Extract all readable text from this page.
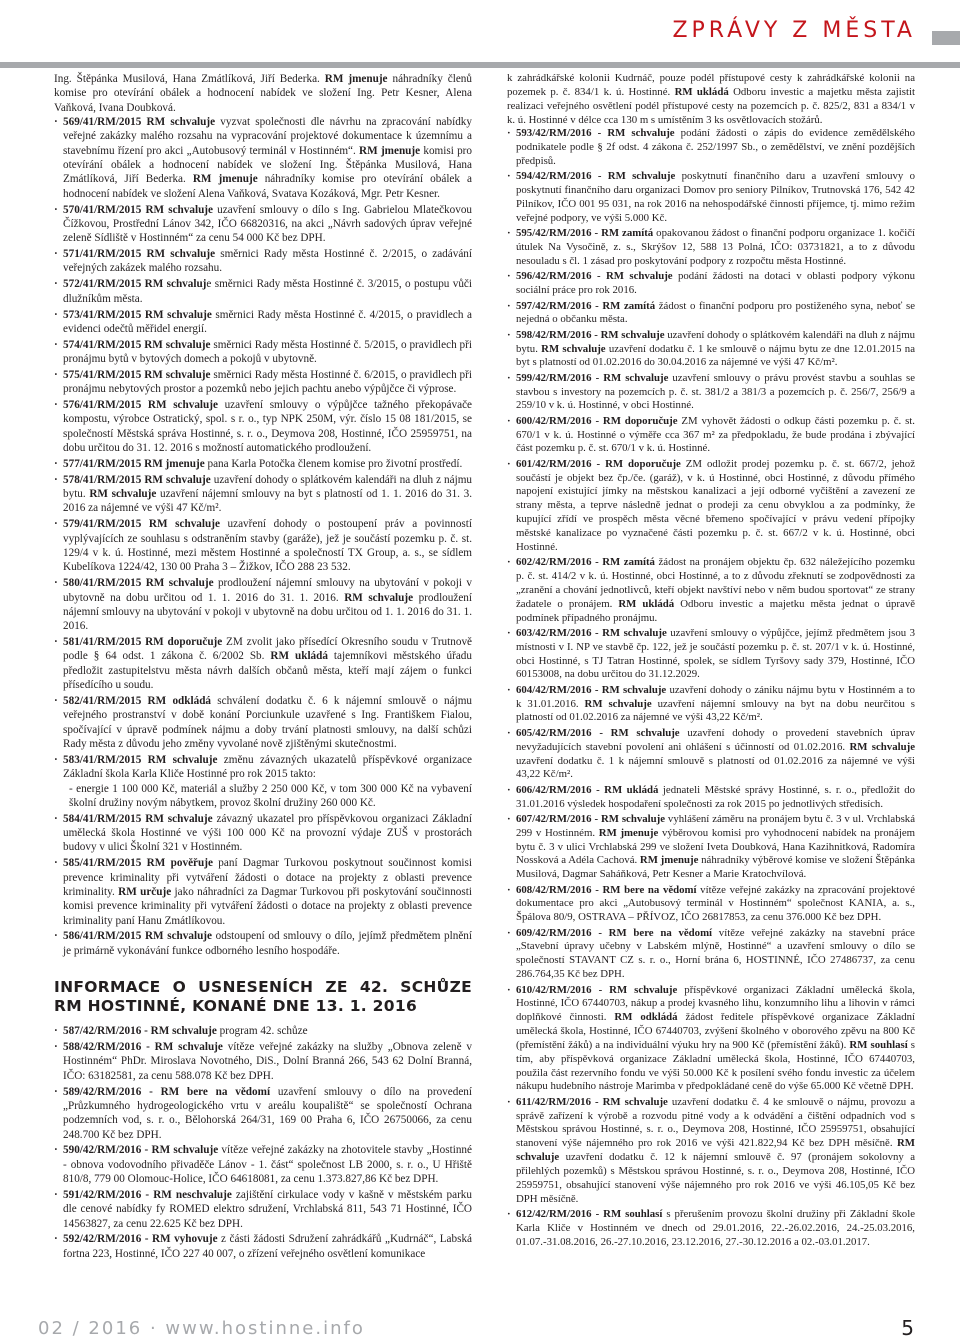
ZPRÁVY Z MĚSTA

Ing. Štěpánka Musilová, Hana Zmátlíková, Jiří Bederka. RM jmenuje náhradníky členů komise pro otevírání obálek a hodnocení nabídek ve složení Ing. Petr Kesner, Alena Vaňková, Ivana Doubková.

· 569/41/RM/2015 RM schvaluje vyzvat společnosti dle návrhu na zpracování nabídky veřejné zakázky malého rozsahu na vypracování projektové dokumentace k územnímu a stavebnímu řízení pro akci „Autobusový terminál v Hostinném“. RM jmenuje komisi pro otevírání obálek a hodnocení nabídek ve složení Ing. Štěpánka Musilová, Hana Zmátlíková, Jiří Bederka. RM jmenuje náhradníky komise pro otevírání obálek a hodnocení nabídek ve složení Alena Vaňková, Svatava Kozáková, Mgr. Petr Kesner.
· 570/41/RM/2015 RM schvaluje uzavření smlouvy o dílo s Ing. Gabrielou Mlatečkovou Čížkovou, Prostřední Lánov 342, IČO 66820316, na akci „Návrh sadových úprav veřejné zeleně Sídliště v Hostinném“ za cenu 54 000 Kč bez DPH.
· 571/41/RM/2015 RM schvaluje směrnici Rady města Hostinné č. 2/2015, o zadávání veřejných zakázek malého rozsahu.
· 572/41/RM/2015 RM schvaluje směrnici Rady města Hostinné č. 3/2015, o postupu vůči dlužníkům města.
· 573/41/RM/2015 RM schvaluje směrnici Rady města Hostinné č. 4/2015, o pravidlech a evidenci odečtů měřidel energií.
· 574/41/RM/2015 RM schvaluje směrnici Rady města Hostinné č. 5/2015, o pravidlech při pronájmu bytů v bytových domech a pokojů v ubytovně.
· 575/41/RM/2015 RM schvaluje směrnici Rady města Hostinné č. 6/2015, o pravidlech při pronájmu nebytových prostor a pozemků nebo jejich pachtu anebo výpůjčce či výprose.
· 576/41/RM/2015 RM schvaluje uzavření smlouvy o výpůjčce tažného překopávače kompostu, výrobce Ostratický, spol. s r. o., typ NPK 250M, výr. číslo 15 08 181/2015, se společností Městská správa Hostinné, s. r. o., Deymova 208, Hostinné, IČO 25959751, na dobu určitou do 31. 12. 2016 s možností automatického prodloužení.
· 577/41/RM/2015 RM jmenuje pana Karla Potočka členem komise pro životní prostředí.
· 578/41/RM/2015 RM schvaluje uzavření dohody o splátkovém kalendáři na dluh z nájmu bytu. RM schvaluje uzavření nájemní smlouvy na byt s platností od 1. 1. 2016 do 31. 3. 2016 za nájemné ve výši 47 Kč/m².
· 579/41/RM/2015 RM schvaluje uzavření dohody o postoupení práv a povinností vyplývajících ze souhlasu s odstraněním stavby (garáže), jež je součástí pozemku p. č. st. 129/4 v k. ú. Hostinné, mezi městem Hostinné a společností TX Group, a. s., se sídlem Kubelíkova 1224/42, 130 00 Praha 3 – Žižkov, IČO 288 23 532.
· 580/41/RM/2015 RM schvaluje prodloužení nájemní smlouvy na ubytování v pokoji v ubytovně na dobu určitou od 1. 1. 2016 do 31. 1. 2016. RM schvaluje prodloužení nájemní smlouvy na ubytování v pokoji v ubytovně na dobu určitou od 1. 1. 2016 do 31. 1. 2016.
· 581/41/RM/2015 RM doporučuje ZM zvolit jako přísedící Okresního soudu v Trutnově podle § 64 odst. 1 zákona č. 6/2002 Sb. RM ukládá tajemníkovi městského úřadu předložit zastupitelstvu města návrh dalších občanů města, kteří mají zájem o funkci přísedícího u soudu.
· 582/41/RM/2015 RM odkládá schválení dodatku č. 6 k nájemní smlouvě o nájmu veřejného prostranství v době konání Porciunkule uzavřené s Ing. Františkem Fialou, spočívající v úpravě podmínek nájmu a doby trvání platnosti smlouvy, na další schůzi Rady města z důvodu jeho změny vyvolané nově zjištěnými skutečnostmi.
· 583/41/RM/2015 RM schvaluje změnu závazných ukazatelů příspěvkové organizace Základní škola Karla Kliče Hostinné pro rok 2015 takto:
- energie 1 100 000 Kč, materiál a služby 2 250 000 Kč, v tom 300 000 Kč na vybavení školní družiny novým nábytkem, provoz školní družiny 260 000 Kč.
· 584/41/RM/2015 RM schvaluje závazný ukazatel pro příspěvkovou organizaci Základní umělecká škola Hostinné ve výši 100 000 Kč na provozní výdaje ZUŠ v prostorách budovy v ulici Školní 321 v Hostinném.
· 585/41/RM/2015 RM pověřuje paní Dagmar Turkovou poskytnout součinnost komisi prevence kriminality při vytváření žádosti o dotace na projekty z oblasti prevence kriminality. RM určuje jako náhradníci za Dagmar Turkovou při poskytování součinnosti komisi prevence kriminality při vytváření žádosti o dotace na projekty z oblasti prevence kriminality paní Hanu Zmátlíkovou.
· 586/41/RM/2015 RM schvaluje odstoupení od smlouvy o dílo, jejímž předmětem plnění je primárně vykonávání funkce odborného lesního hospodáře.
INFORMACE O USNESENÍCH ZE 42. SCHŮZE RM HOSTINNÉ, KONANÉ DNE 13. 1. 2016
· 587/42/RM/2016 - RM schvaluje program 42. schůze
· 588/42/RM/2016 - RM schvaluje vítěze veřejné zakázky na služby „Obnova zeleně v Hostinném“ PhDr. Miroslava Novotného, DiS., Dolní Branná 266, 543 62 Dolní Branná, IČO: 63182581, za cenu 588.078 Kč bez DPH.
· 589/42/RM/2016 - RM bere na vědomí uzavření smlouvy o dílo na provedení „Průzkumného hydrogeologického vrtu v areálu koupaliště“ se společností Ochrana podzemních vod, s. r. o., Bělohorská 264/31, 169 00 Praha 6, IČO 26750066, za cenu 248.700 Kč bez DPH.
· 590/42/RM/2016 - RM schvaluje vítěze veřejné zakázky na zhotovitele stavby „Hostinné - obnova vodovodního přivaděče Lánov - 1. část“ společnost LB 2000, s. r. o., U Hřiště 810/8, 779 00 Olomouc-Holice, IČO 64618081, za cenu 1.373.827,86 Kč bez DPH.
· 591/42/RM/2016 - RM neschvaluje zajištění cirkulace vody v kašně v městském parku dle cenové nabídky fy ROMED elektro sdružení, Vrchlabská 811, 543 71 Hostinné, IČO 14563827, za cenu 22.625 Kč bez DPH.
· 592/42/RM/2016 - RM vyhovuje z části žádosti Sdružení zahrádkářů „Kudrnáč“, Labská fortna 223, Hostinné, IČO 227 40 007, o zřízení veřejného osvětlení komunikace

k zahrádkářské kolonii Kudrnáč, pouze podél přístupové cesty k zahrádkářské kolonii na pozemek p. č. 834/1 k. ú. Hostinné. RM ukládá Odboru investic a majetku města zajistit realizaci veřejného osvětlení podél přístupové cesty na pozemcích p. č. 825/2, 831 a 834/1 v k. ú. Hostinné v délce cca 130 m s umístěním 3 ks osvětlovacích stožárů.

· 593/42/RM/2016 - RM schvaluje podání žádosti o zápis do evidence zemědělského podnikatele podle § 2f odst. 4 zákona č. 252/1997 Sb., o zemědělství, ve znění pozdějších předpisů.
· 594/42/RM/2016 - RM schvaluje poskytnutí finančního daru a uzavření smlouvy o poskytnutí finančního daru organizaci Domov pro seniory Pilníkov, Trutnovská 176, 542 42 Pilníkov, IČO 001 95 031, na rok 2016 na nehospodářské činnosti příjemce, tj. mimo režim veřejné podpory, ve výši 5.000 Kč.
· 595/42/RM/2016 - RM zamítá opakovanou žádost o finanční podporu organizace 1. kočičí útulek Na Vysočině, z. s., Skrýšov 12, 588 13 Polná, IČO: 03731821, a to z důvodu nesouladu s čl. 1 zásad pro poskytování podpory z rozpočtu města Hostinné.
· 596/42/RM/2016 - RM schvaluje podání žádosti na dotaci v oblasti podpory výkonu sociální práce pro rok 2016.
· 597/42/RM/2016 - RM zamítá žádost o finanční podporu pro postiženého syna, neboť se nejedná o občanku města.
· 598/42/RM/2016 - RM schvaluje uzavření dohody o splátkovém kalendáři na dluh z nájmu bytu. RM schvaluje uzavření dodatku č. 1 ke smlouvě o nájmu bytu ze dne 12.01.2015 na byt s platností od 01.02.2016 do 30.04.2016 za nájemné ve výši 47 Kč/m².
· 599/42/RM/2016 - RM schvaluje uzavření smlouvy o právu provést stavbu a souhlas se stavbou s investory na pozemcích p. č. st. 381/2 a 381/3 a pozemcích p. č. 256/7, 256/9 a 259/10 v k. ú. Hostinné, v obci Hostinné.
· 600/42/RM/2016 - RM doporučuje ZM vyhovět žádosti o odkup části pozemku p. č. st. 670/1 v k. ú. Hostinné o výměře cca 367 m² za předpokladu, že bude prodána i zbývající část pozemku p. č. st. 670/1 v k. ú. Hostinné.
· 601/42/RM/2016 - RM doporučuje ZM odložit prodej pozemku p. č. st. 667/2, jehož součástí je objekt bez čp./če. (garáž), v k. ú Hostinné, obci Hostinné, z důvodu přímého napojení existující jímky na městskou kanalizaci a její odborné vyčištění a zavezení ze strany města, a teprve následně jednat o prodeji za cenu obvyklou a za podmínky, že kupující zřídí ve prospěch města věcné břemeno spočívající v právu vedení přípojky městské kanalizace po vyznačené části pozemku p. č. st. 667/2 v k. ú. Hostinné, obci Hostinné.
· 602/42/RM/2016 - RM zamítá žádost na pronájem objektu čp. 632 náležejícího pozemku p. č. st. 414/2 v k. ú. Hostinné, obci Hostinné, a to z důvodu zřeknutí se zodpovědnosti za „zranění a chování jednotlivců, kteří objekt navštíví nebo v něm budou sportovat“ ze strany žadatele o pronájem. RM ukládá Odboru investic a majetku města jednat o úpravě podmínek případného pronájmu.
· 603/42/RM/2016 - RM schvaluje uzavření smlouvy o výpůjčce, jejímž předmětem jsou 3 místnosti v I. NP ve stavbě čp. 122, jež je součástí pozemku p. č. st. 207/1 v k. ú. Hostinné, obci Hostinné, s TJ Tatran Hostinné, spolek, se sídlem Tyršovy sady 379, Hostinné, IČO 60153008, na dobu určitou do 31.12.2029.
· 604/42/RM/2016 - RM schvaluje uzavření dohody o zániku nájmu bytu v Hostinném a to k 31.01.2016. RM schvaluje uzavření nájemní smlouvy na byt na dobu neurčitou s platností od 01.02.2016 za nájemné ve výši 43,22 Kč/m².
· 605/42/RM/2016 - RM schvaluje uzavření dohody o provedení stavebních úprav nevyžadujících stavební povolení ani ohlášení s účinností od 01.02.2016. RM schvaluje uzavření dodatku č. 1 k nájemní smlouvě s platností od 01.02.2016 za nájemné ve výši 43,22 Kč/m².
· 606/42/RM/2016 - RM ukládá jednateli Městské správy Hostinné, s. r. o., předložit do 31.01.2016 výsledek hospodaření společnosti za rok 2015 po jednotlivých středisích.
· 607/42/RM/2016 - RM schvaluje vyhlášení záměru na pronájem bytu č. 3 v ul. Vrchlabská 299 v Hostinném. RM jmenuje výběrovou komisi pro vyhodnocení nabídek na pronájem bytu č. 3 v ulici Vrchlabská 299 ve složení Iveta Doubková, Hana Kazihnitková, Radomíra Nossková a Adéla Cachová. RM jmenuje náhradníky výběrové komise ve složení Štěpánka Musilová, Dagmar Saháňková, Petr Kesner a Marie Kratochvílová.
· 608/42/RM/2016 - RM bere na vědomí vítěze veřejné zakázky na zpracování projektové dokumentace pro akci „Autobusový terminál v Hostinném“ společnost KANIA, a. s., Špálova 80/9, OSTRAVA – PŘÍVOZ, IČO 26817853, za cenu 376.000 Kč bez DPH.
· 609/42/RM/2016 - RM bere na vědomí vítěze veřejné zakázky na stavební práce „Stavební úpravy učebny v Labském mlýně, Hostinné“ a uzavření smlouvy o dílo se společností STAVANT CZ s. r. o., Horní brána 6, HOSTINNÉ, IČO 27486737, za cenu 286.764,35 Kč bez DPH.
· 610/42/RM/2016 - RM schvaluje příspěvkové organizaci Základní umělecká škola, Hostinné, IČO 67440703, nákup a prodej kvasného lihu, konzumního lihu a lihovin v rámci doplňkové činnosti. RM odkládá žádost ředitele příspěvkové organizace Základní umělecká škola, Hostinné, IČO 67440703, zvýšení školného v oborového zpěvu na 800 Kč (přemístění žáků) a na individuální výuku hry na 900 Kč (přemístění žáků). RM souhlasí s tím, aby příspěvková organizace Základní umělecká škola, Hostinné, IČO 67440703, použila část rezervního fondu ve výši 50.000 Kč k posílení svého fondu investic za účelem nákupu hudebního nástroje Marimba v předpokládané ceně do výše 65.000 Kč včetně DPH.
· 611/42/RM/2016 - RM schvaluje uzavření dodatku č. 4 ke smlouvě o nájmu, provozu a správě zařízení k výrobě a rozvodu pitné vody a k odvádění a čištění odpadních vod s Městskou správou Hostinné, s. r. o., Deymova 208, Hostinné, IČO 25959751, obsahující stanovení výše nájemného pro rok 2016 ve výši 421.822,94 Kč bez DPH měsíčně. RM schvaluje uzavření dodatku č. 12 k nájemní smlouvě č. 97 (pronájem sokolovny a přilehlých pozemků) s Městskou správou Hostinné, s. r. o., Deymova 208, Hostinné, IČO 25959751, obsahující stanovení výše nájemného pro rok 2016 ve výši 46.105,05 Kč bez DPH měsíčně.
· 612/42/RM/2016 - RM souhlasí s přerušením provozu školní družiny při Základní škole Karla Kliče v Hostinném ve dnech od 29.01.2016, 22.-26.02.2016, 24.-25.03.2016, 01.07.-31.08.2016, 26.-27.10.2016, 23.12.2016, 27.-30.12.2016 a 02.-03.01.2017.
02 / 2016 · www.hostinne.info	5
